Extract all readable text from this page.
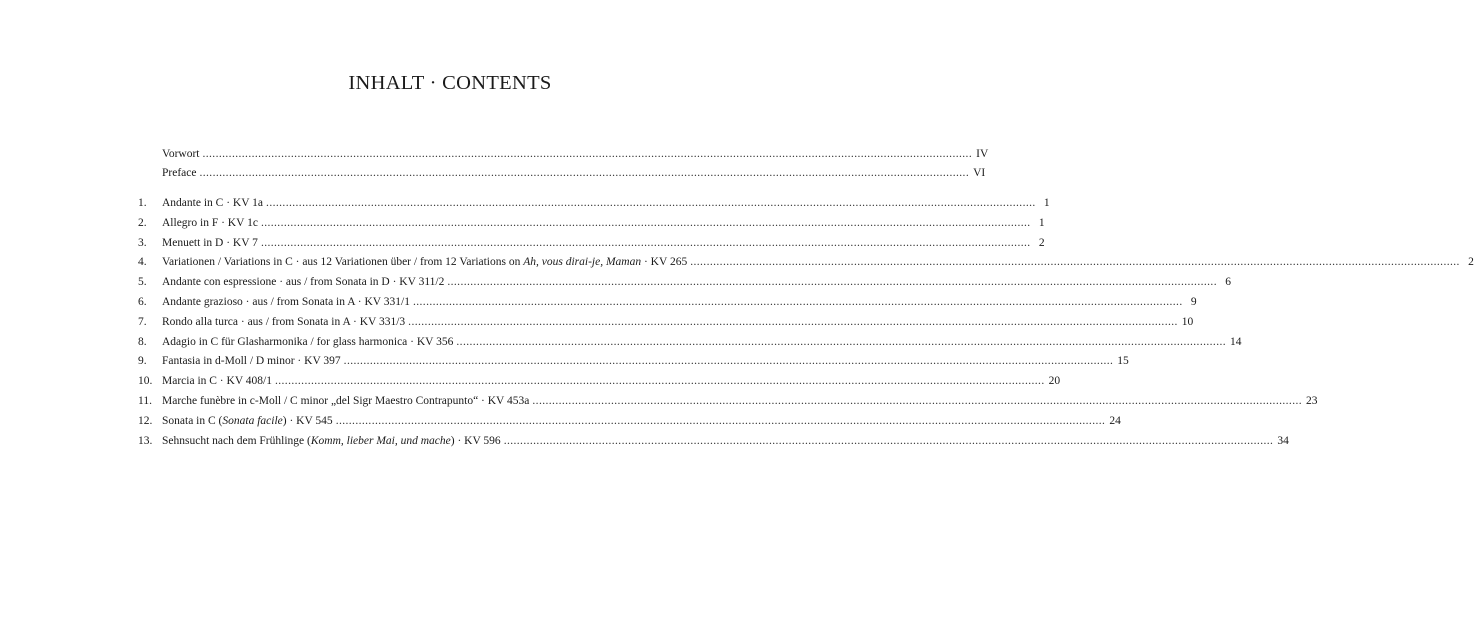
INHALT · CONTENTS
Vorwort ........................................................................................................................................................................................................................................... IV
Preface ........................................................................................................................................................................................................................................... VI
1.	Andante in C · KV 1a ........................................................................................................................................................................................................................................... 1
2.	Allegro in F · KV 1c ........................................................................................................................................................................................................................................... 1
3.	Menuett in D · KV 7 ........................................................................................................................................................................................................................................... 2
4.	Variationen / Variations in C · aus 12 Variationen über / from 12 Variations on Ah, vous dirai-je, Maman · KV 265 ........................................................................................................................................................................................................................................... 2
5.	Andante con espressione · aus / from Sonata in D · KV 311/2 ........................................................................................................................................................................................................................................... 6
6.	Andante grazioso · aus / from Sonata in A · KV 331/1 ........................................................................................................................................................................................................................................... 9
7.	Rondo alla turca · aus / from Sonata in A · KV 331/3 ........................................................................................................................................................................................................................................... 10
8.	Adagio in C für Glasharmonika / for glass harmonica · KV 356 ........................................................................................................................................................................................................................................... 14
9.	Fantasia in d-Moll / D minor · KV 397 ........................................................................................................................................................................................................................................... 15
10. Marcia in C · KV 408/1 ........................................................................................................................................................................................................................................... 20
11. Marche funèbre in c-Moll / C minor „del Sigr Maestro Contrapunto“ · KV 453a ........................................................................................................................................................................................................................................... 23
12. Sonata in C (Sonata facile) · KV 545 ........................................................................................................................................................................................................................................... 24
13. Sehnsucht nach dem Frühlinge (Komm, lieber Mai, und mache) · KV 596 ........................................................................................................................................................................................................................................... 34
